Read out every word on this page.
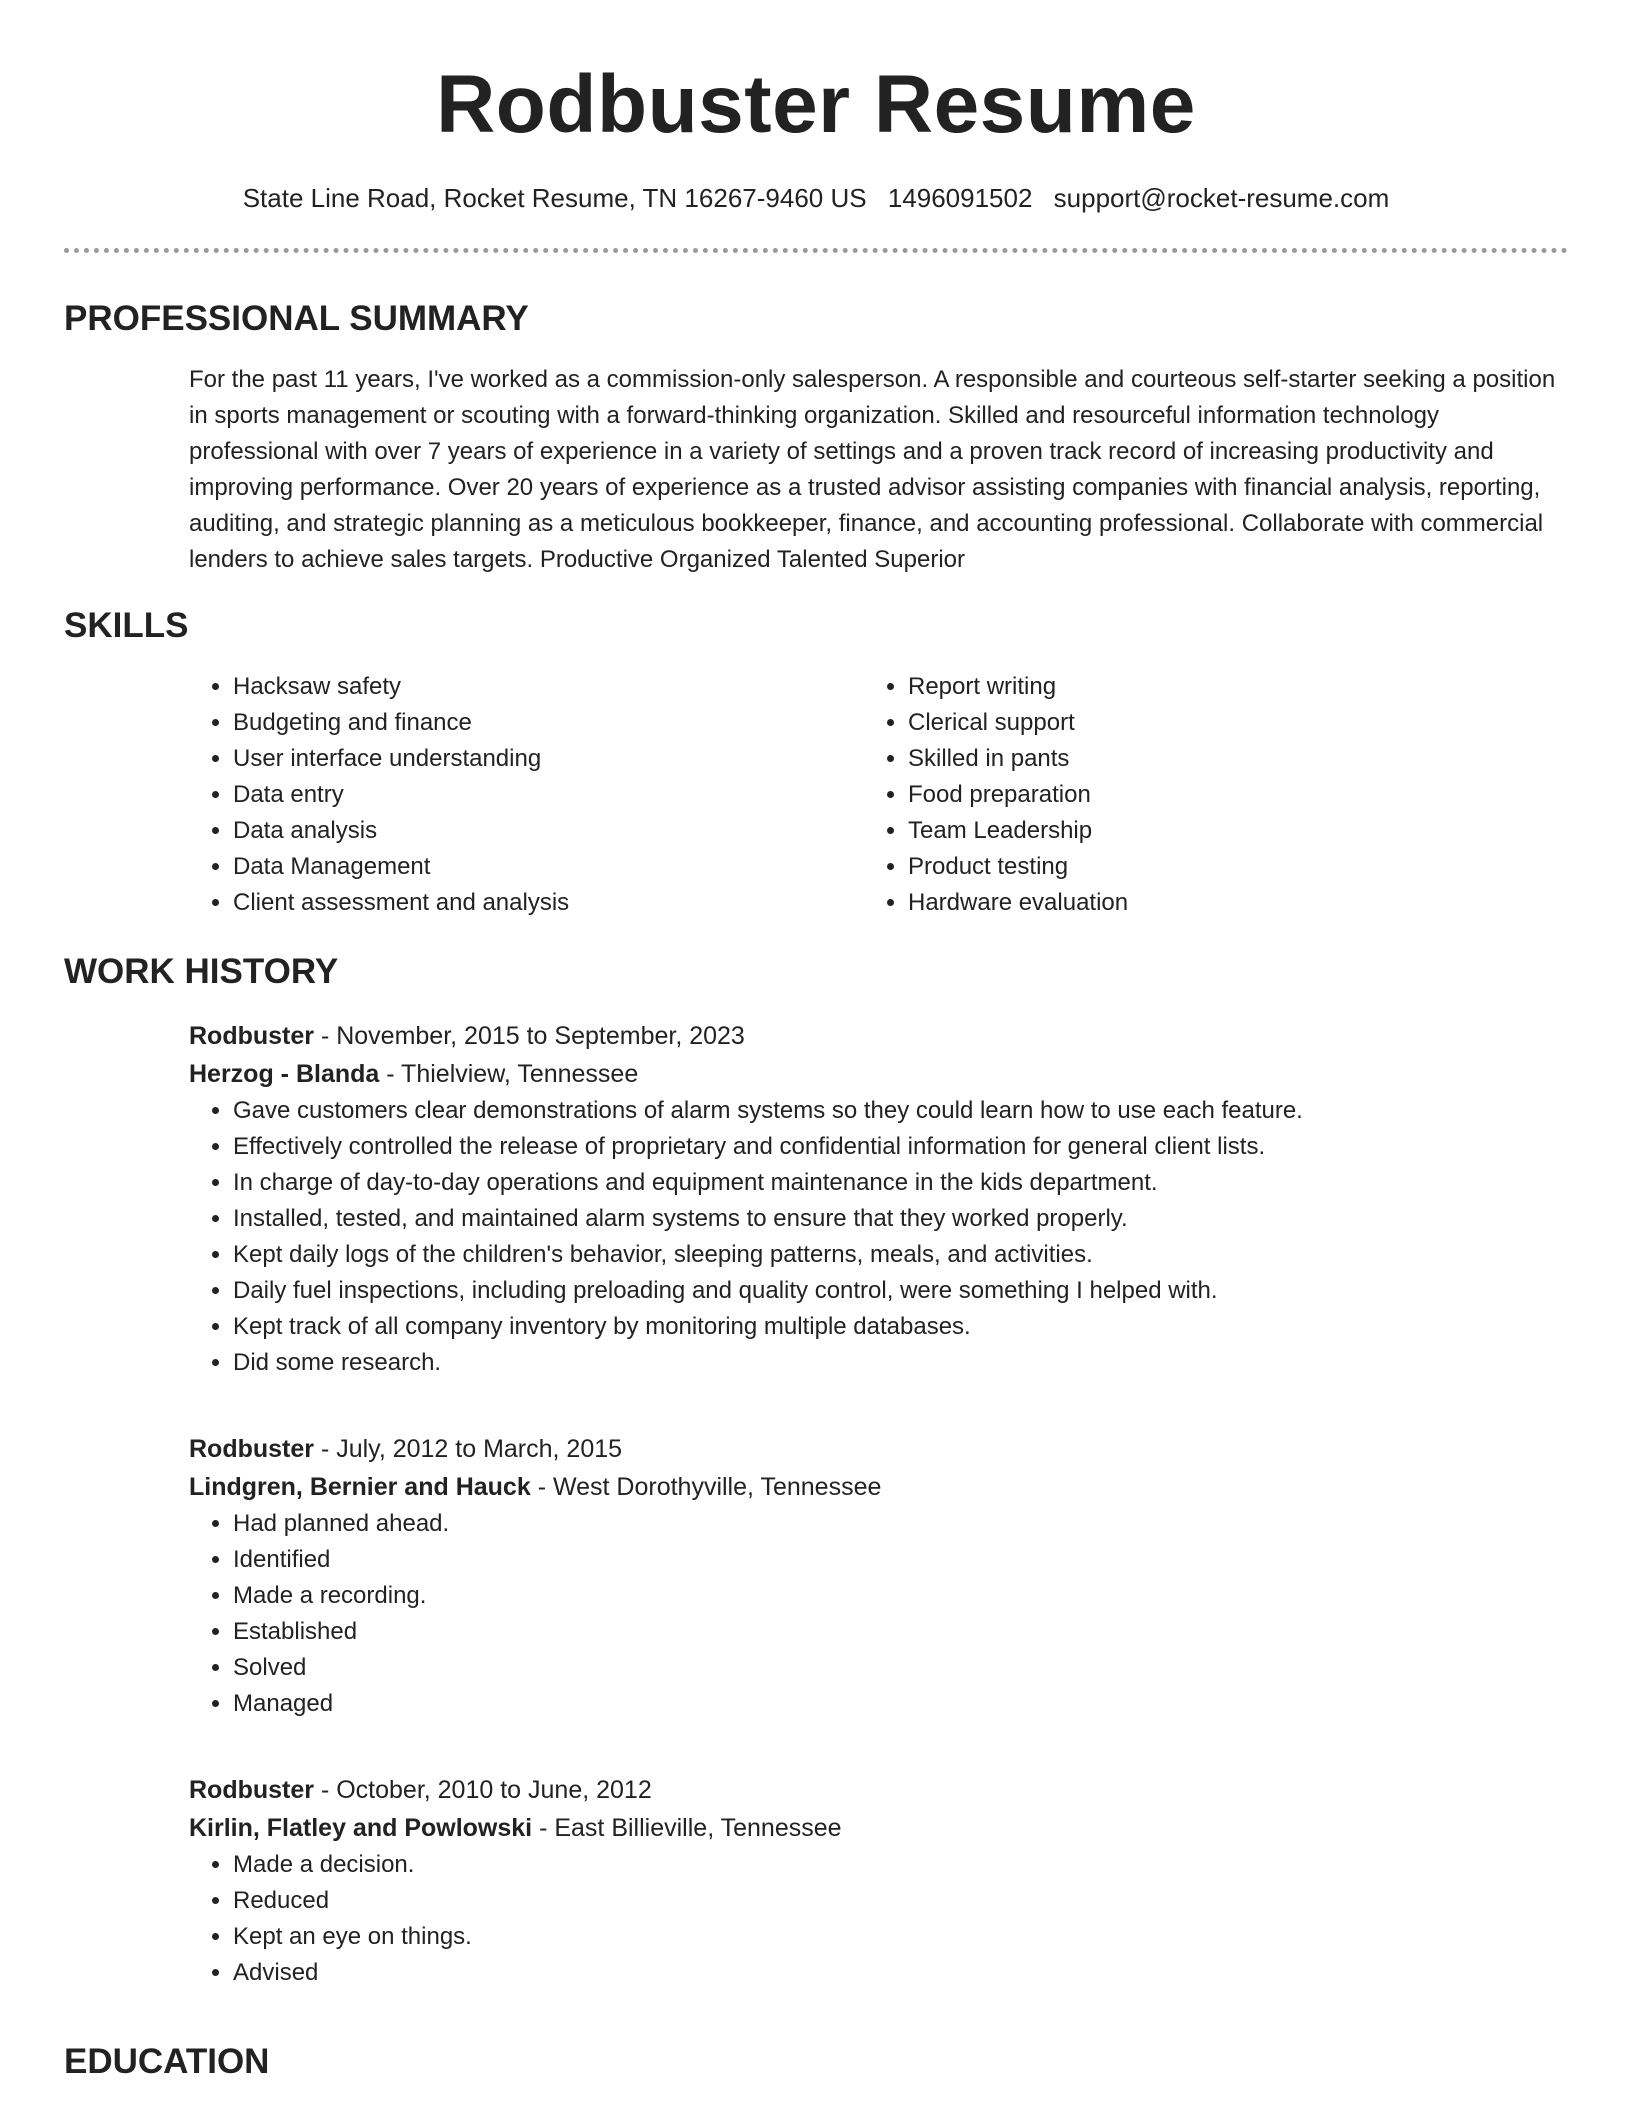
Rodbuster Resume
State Line Road, Rocket Resume, TN 16267-9460 US 1496091502 support@rocket-resume.com
PROFESSIONAL SUMMARY
For the past 11 years, I've worked as a commission-only salesperson. A responsible and courteous self-starter seeking a position in sports management or scouting with a forward-thinking organization. Skilled and resourceful information technology professional with over 7 years of experience in a variety of settings and a proven track record of increasing productivity and improving performance. Over 20 years of experience as a trusted advisor assisting companies with financial analysis, reporting, auditing, and strategic planning as a meticulous bookkeeper, finance, and accounting professional. Collaborate with commercial lenders to achieve sales targets. Productive Organized Talented Superior
SKILLS
• Hacksaw safety
• Budgeting and finance
• User interface understanding
• Data entry
• Data analysis
• Data Management
• Client assessment and analysis
• Report writing
• Clerical support
• Skilled in pants
• Food preparation
• Team Leadership
• Product testing
• Hardware evaluation
WORK HISTORY
Rodbuster - November, 2015 to September, 2023
Herzog - Blanda - Thielview, Tennessee
• Gave customers clear demonstrations of alarm systems so they could learn how to use each feature.
• Effectively controlled the release of proprietary and confidential information for general client lists.
• In charge of day-to-day operations and equipment maintenance in the kids department.
• Installed, tested, and maintained alarm systems to ensure that they worked properly.
• Kept daily logs of the children's behavior, sleeping patterns, meals, and activities.
• Daily fuel inspections, including preloading and quality control, were something I helped with.
• Kept track of all company inventory by monitoring multiple databases.
• Did some research.
Rodbuster - July, 2012 to March, 2015
Lindgren, Bernier and Hauck - West Dorothyville, Tennessee
• Had planned ahead.
• Identified
• Made a recording.
• Established
• Solved
• Managed
Rodbuster - October, 2010 to June, 2012
Kirlin, Flatley and Powlowski - East Billieville, Tennessee
• Made a decision.
• Reduced
• Kept an eye on things.
• Advised
EDUCATION
